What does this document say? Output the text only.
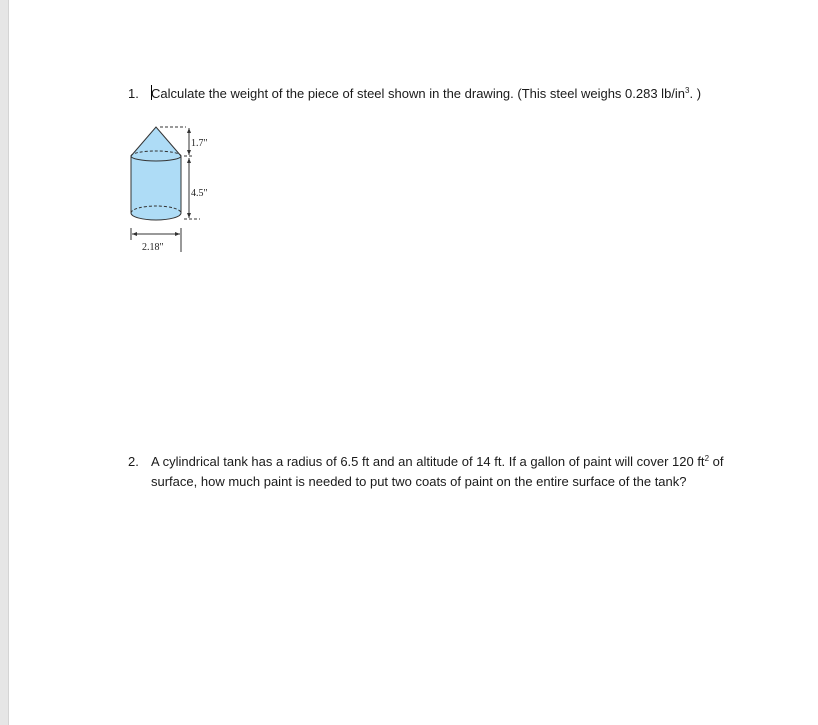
1. Calculate the weight of the piece of steel shown in the drawing. (This steel weighs 0.283 $lb/in^3$. )
1.7"
4.5"
2.18"
2. A cylindrical tank has a radius of 6.5 ft and an altitude of 14 ft. If a gallon of paint will cover 120 $ft^2$ of surface, how much paint is needed to put two coats of paint on the entire surface of the tank?
